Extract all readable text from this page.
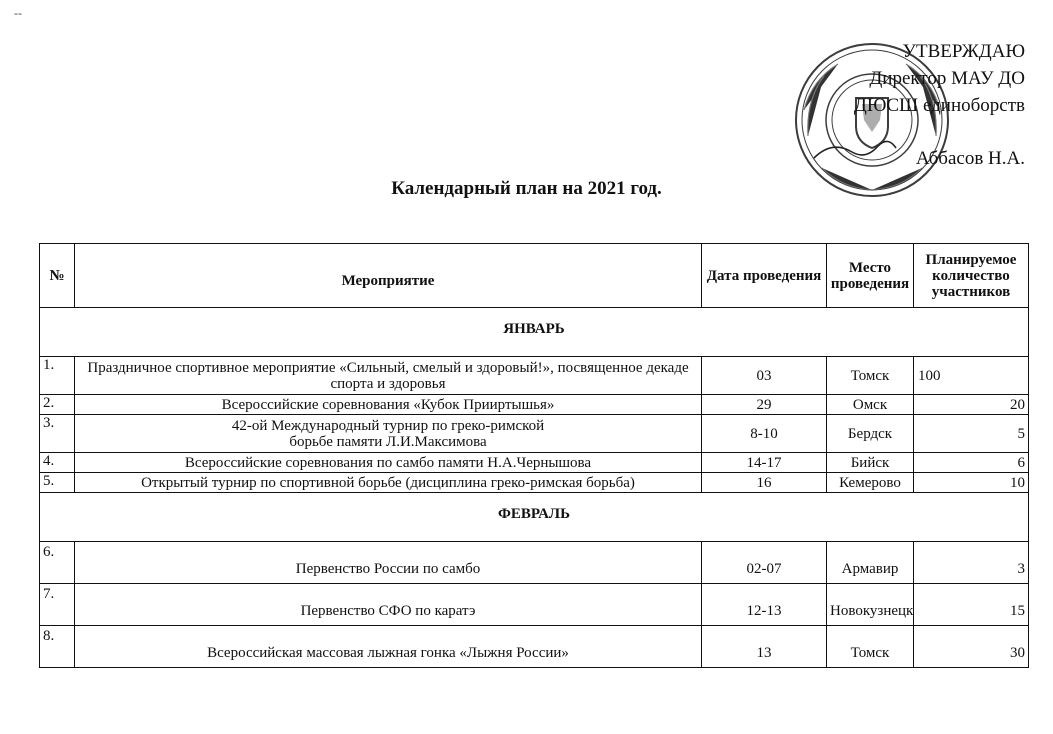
--
УТВЕРЖДАЮ
Директор МАУ ДО
ДЮСШ единоборств
Аббасов Н.А.
Календарный план на 2021 год.
№	Мероприятие	Дата проведения	Место проведения	Планируемое количество участников
ЯНВАРЬ				
1.	Праздничное спортивное мероприятие «Сильный, смелый и здоровый!», посвященное декаде спорта и здоровья	03	Томск	100
2.	Всероссийские соревнования «Кубок Прииртышья»	29	Омск	20
3.	42-ой Международный турнир по греко-римской борьбе памяти Л.И.Максимова	8-10	Бердск	5
4.	Всероссийские соревнования по самбо памяти Н.А.Чернышова	14-17	Бийск	6
5.	Открытый турнир по спортивной борьбе (дисциплина греко-римская борьба)	16	Кемерово	10
ФЕВРАЛЬ				
6.	Первенство России по самбо	02-07	Армавир	3
7.	Первенство СФО по каратэ	12-13	Новокузнецк	15
8.	Всероссийская массовая лыжная гонка «Лыжня России»	13	Томск	30
